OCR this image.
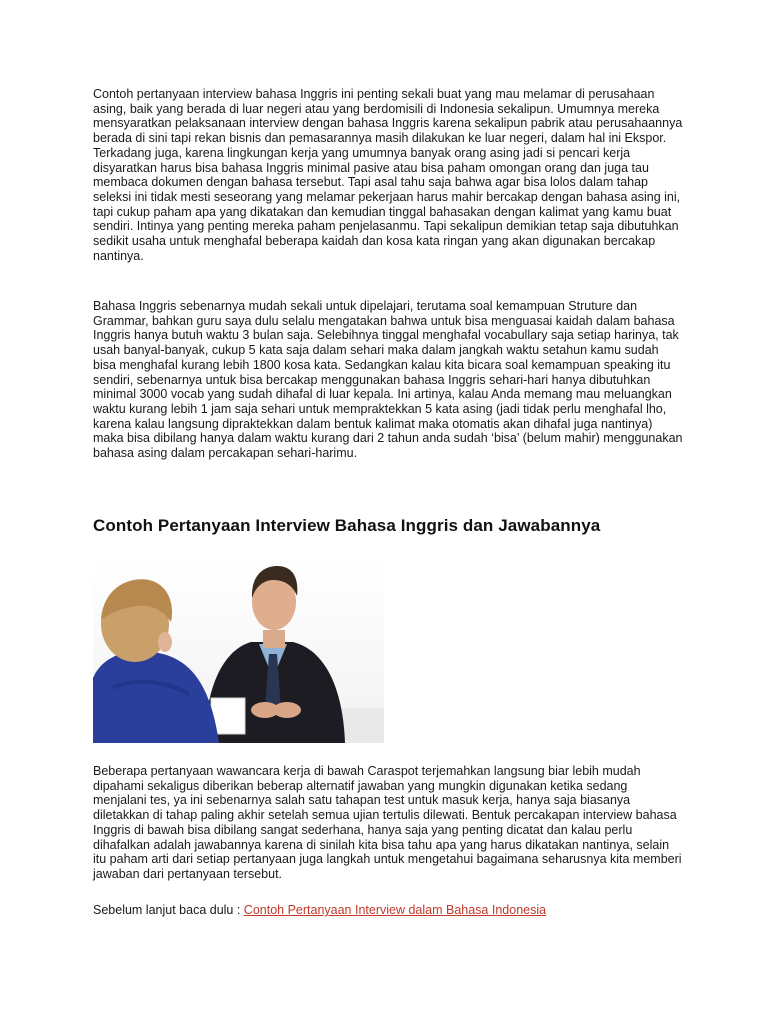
Contoh pertanyaan interview bahasa Inggris ini penting sekali buat yang mau melamar di perusahaan asing, baik yang berada di luar negeri atau yang berdomisili di Indonesia sekalipun. Umumnya mereka mensyaratkan pelaksanaan interview dengan bahasa Inggris karena sekalipun pabrik atau perusahaannya berada di sini tapi rekan bisnis dan pemasarannya masih dilakukan ke luar negeri, dalam hal ini Ekspor. Terkadang juga, karena lingkungan kerja yang umumnya banyak orang asing jadi si pencari kerja disyaratkan harus bisa bahasa Inggris minimal pasive atau bisa paham omongan orang dan juga tau membaca dokumen dengan bahasa tersebut. Tapi asal tahu saja bahwa agar bisa lolos dalam tahap seleksi ini tidak mesti seseorang yang melamar pekerjaan harus mahir bercakap dengan bahasa asing ini, tapi cukup paham apa yang dikatakan dan kemudian tinggal bahasakan dengan kalimat yang kamu buat sendiri. Intinya yang penting mereka paham penjelasanmu. Tapi sekalipun demikian tetap saja dibutuhkan sedikit usaha untuk menghafal beberapa kaidah dan kosa kata ringan yang akan digunakan bercakap nantinya.

Bahasa Inggris sebenarnya mudah sekali untuk dipelajari, terutama soal kemampuan Struture dan Grammar, bahkan guru saya dulu selalu mengatakan bahwa untuk bisa menguasai kaidah dalam bahasa Inggris hanya butuh waktu 3 bulan saja. Selebihnya tinggal menghafal vocabullary saja setiap harinya, tak usah banyal-banyak, cukup 5 kata saja dalam sehari maka dalam jangkah waktu setahun kamu sudah bisa menghafal kurang lebih 1800 kosa kata. Sedangkan kalau kita bicara soal kemampuan speaking itu sendiri, sebenarnya untuk bisa bercakap menggunakan bahasa Inggris sehari-hari hanya dibutuhkan minimal 3000 vocab yang sudah dihafal di luar kepala. Ini artinya, kalau Anda memang mau meluangkan waktu kurang lebih 1 jam saja sehari untuk mempraktekkan 5 kata asing (jadi tidak perlu menghafal lho, karena kalau langsung dipraktekkan dalam bentuk kalimat maka otomatis akan dihafal juga nantinya) maka bisa dibilang hanya dalam waktu kurang dari 2 tahun anda sudah ‘bisa’ (belum mahir) menggunakan bahasa asing dalam percakapan sehari-harimu.

Contoh Pertanyaan Interview Bahasa Inggris dan Jawabannya

Beberapa pertanyaan wawancara kerja di bawah Caraspot terjemahkan langsung biar lebih mudah dipahami sekaligus diberikan beberap alternatif jawaban yang mungkin digunakan ketika sedang menjalani tes, ya ini sebenarnya salah satu tahapan test untuk masuk kerja, hanya saja biasanya diletakkan di tahap paling akhir setelah semua ujian tertulis dilewati. Bentuk percakapan interview bahasa Inggris di bawah bisa dibilang sangat sederhana, hanya saja yang penting dicatat dan kalau perlu dihafalkan adalah jawabannya karena di sinilah kita bisa tahu apa yang harus dikatakan nantinya, selain itu paham arti dari setiap pertanyaan juga langkah untuk mengetahui bagaimana seharusnya kita memberi jawaban dari pertanyaan tersebut.

Sebelum lanjut baca dulu : Contoh Pertanyaan Interview dalam Bahasa Indonesia
